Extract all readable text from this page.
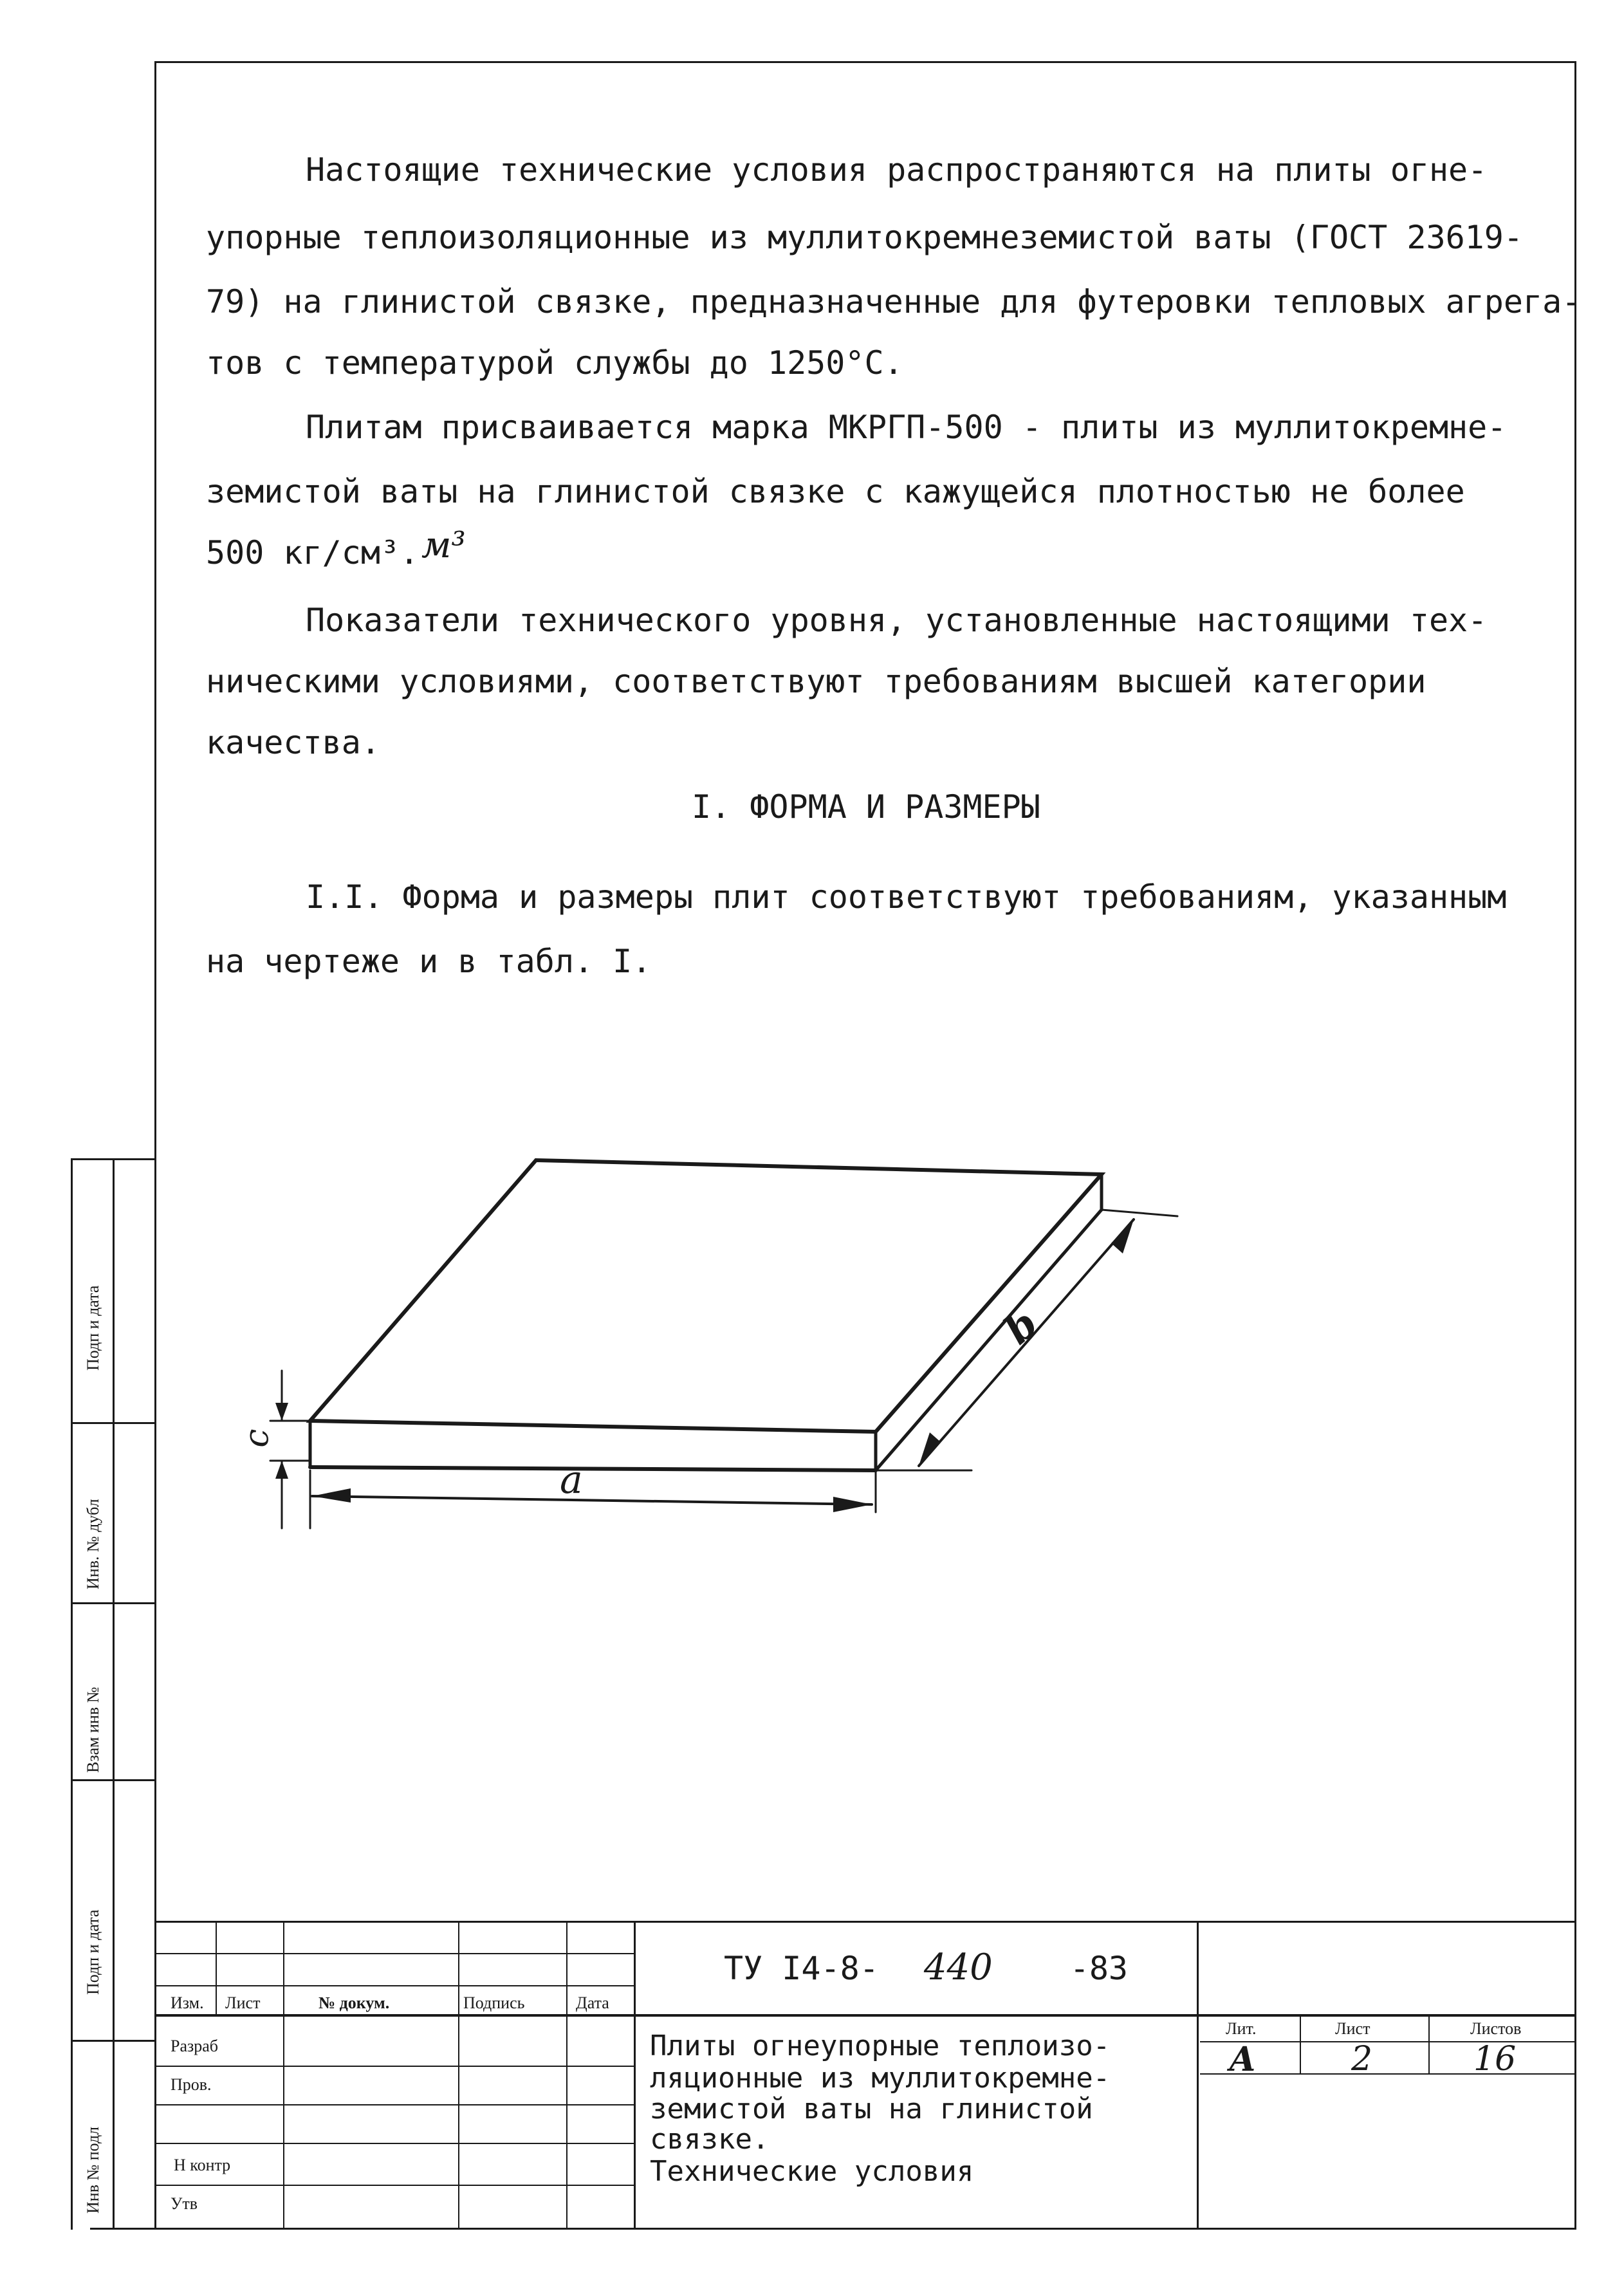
Подп и дата
Инв. № дубл
Взам инв №
Подп и дата
Инв № подл
Настоящие технические условия распространяются на плиты огне-
упорные теплоизоляционные из муллитокремнеземистой ваты (ГОСТ 23619-
79) на глинистой связке, предназначенные для футеровки тепловых агрега-
тов с температурой службы до 1250°С.
Плитам присваивается марка МКРГП-500 - плиты из муллитокремне-
земистой ваты на глинистой связке с кажущейся плотностью не более
500 кг/см³. м³
Показатели технического уровня, установленные настоящими тех-
ническими условиями, соответствуют требованиям высшей категории
качества.
I. ФОРМА И РАЗМЕРЫ
I.I. Форма и размеры плит соответствуют требованиям, указанным
на чертеже и в табл. I.
a
b
c
Изм. Лист	№ докум.	Подпись	Дата
Разраб
Пров.
Н контр
Утв
ТУ I4-8- 440 -83
Плиты огнеупорные теплоизо-
ляционные из муллитокремне-
земистой ваты на глинистой
связке.
Технические условия
Лит.	Лист	Листов
А	2	16
